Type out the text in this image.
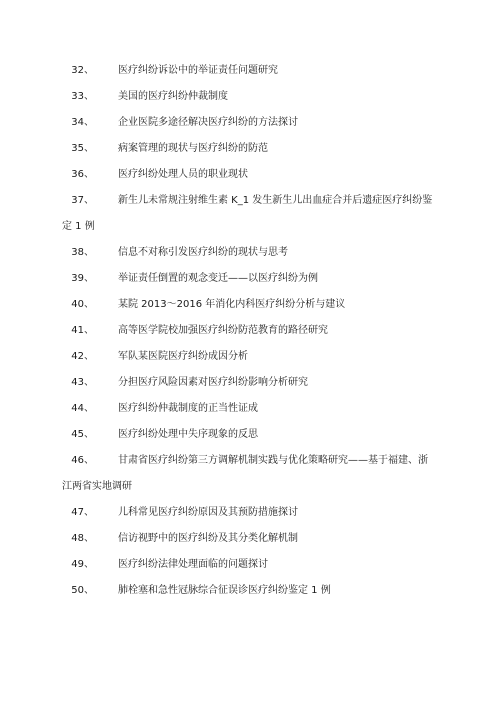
32、 医疗纠纷诉讼中的举证责任问题研究
33、 美国的医疗纠纷仲裁制度
34、 企业医院多途径解决医疗纠纷的方法探讨
35、 病案管理的现状与医疗纠纷的防范
36、 医疗纠纷处理人员的职业现状
37、	新生儿未常规注射维生素 K_1 发生新生儿出血症合并后遗症医疗纠纷鉴
定 1 例
38、 信息不对称引发医疗纠纷的现状与思考
39、 举证责任倒置的观念变迁——以医疗纠纷为例
40、 某院 2013～2016 年消化内科医疗纠纷分析与建议
41、 高等医学院校加强医疗纠纷防范教育的路径研究
42、 军队某医院医疗纠纷成因分析
43、 分担医疗风险因素对医疗纠纷影响分析研究
44、 医疗纠纷仲裁制度的正当性证成
45、 医疗纠纷处理中失序现象的反思
46、	甘肃省医疗纠纷第三方调解机制实践与优化策略研究——基于福建、浙
江两省实地调研
47、 儿科常见医疗纠纷原因及其预防措施探讨
48、 信访视野中的医疗纠纷及其分类化解机制
49、 医疗纠纷法律处理面临的问题探讨
50、 肺栓塞和急性冠脉综合征误诊医疗纠纷鉴定 1 例
